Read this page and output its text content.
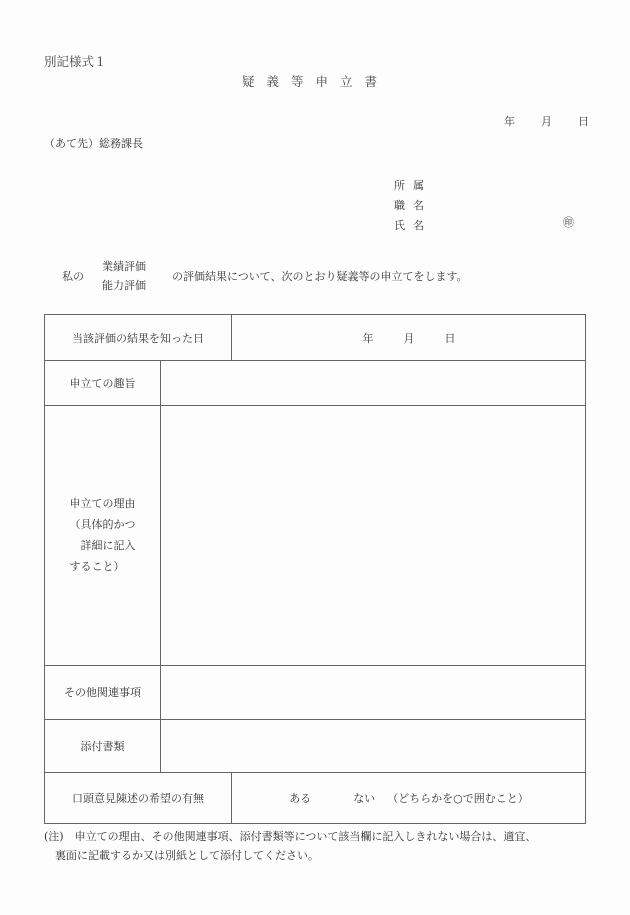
別記様式１
疑義等申立書
年 月 日
（あて先）総務課長
所属
職名
氏名	㊞
私の
業績評価
能力評価
の評価結果について、次のとおり疑義等の申立てをします。
当該評価の結果を知った日	年	月	日
申立ての趣旨
申立ての理由
（具体的かつ
　詳細に記入
すること）
その他関連事項
添付書類
口頭意見陳述の希望の有無	ある	ない （どちらかを○で囲むこと）
(注)　申立ての理由、その他関連事項、添付書類等について該当欄に記入しきれない場合は、適宜、
　裏面に記載するか又は別紙として添付してください。
